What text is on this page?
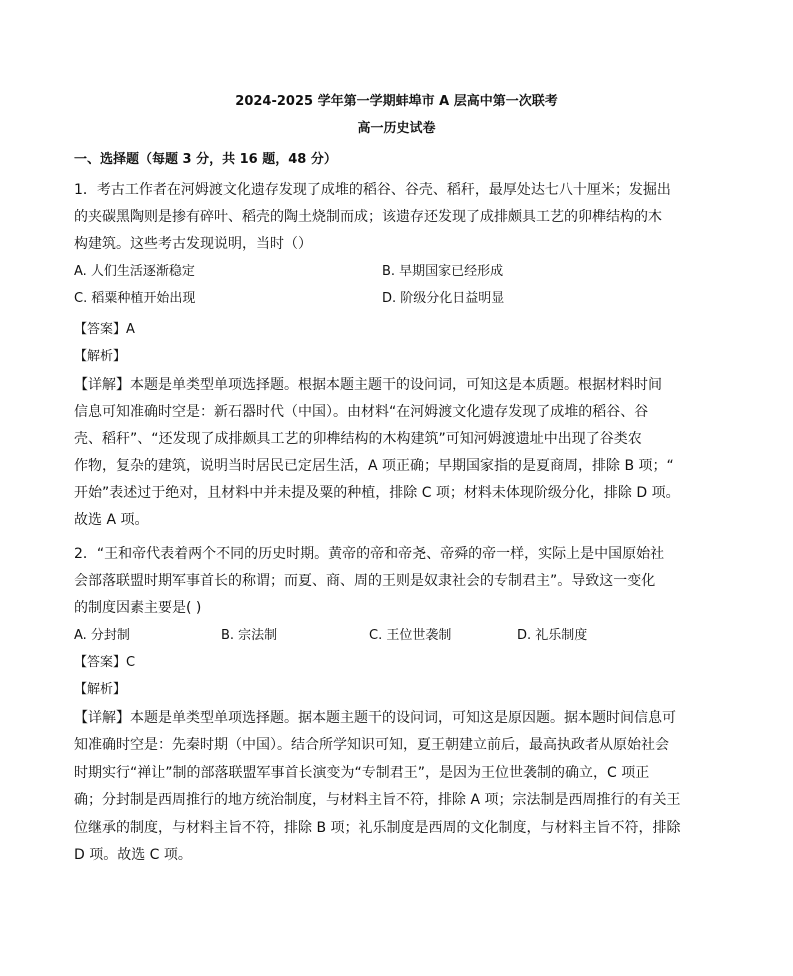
2024-2025 学年第一学期蚌埠市 A 层高中第一次联考
高一历史试卷
一、选择题（每题 3 分，共 16 题，48 分）
1．考古工作者在河姆渡文化遗存发现了成堆的稻谷、谷壳、稻秆，最厚处达七八十厘米；发掘出
的夹碳黑陶则是掺有碎叶、稻壳的陶土烧制而成；该遗存还发现了成排颇具工艺的卯榫结构的木
构建筑。这些考古发现说明，当时（）
A. 人们生活逐渐稳定	B. 早期国家已经形成
C. 稻粟种植开始出现	D. 阶级分化日益明显
【答案】A
【解析】
【详解】本题是单类型单项选择题。根据本题主题干的设问词，可知这是本质题。根据材料时间
信息可知准确时空是：新石器时代（中国）。由材料“在河姆渡文化遗存发现了成堆的稻谷、谷
壳、稻秆”、“还发现了成排颇具工艺的卯榫结构的木构建筑”可知河姆渡遗址中出现了谷类农
作物，复杂的建筑，说明当时居民已定居生活，A 项正确；早期国家指的是夏商周，排除 B 项；“
开始”表述过于绝对，且材料中并未提及粟的种植，排除 C 项；材料未体现阶级分化，排除 D 项。
故选 A 项。
2．“王和帝代表着两个不同的历史时期。黄帝的帝和帝尧、帝舜的帝一样，实际上是中国原始社
会部落联盟时期军事首长的称谓；而夏、商、周的王则是奴隶社会的专制君主”。导致这一变化
的制度因素主要是( )
A. 分封制	B. 宗法制	C. 王位世袭制	D. 礼乐制度
【答案】C
【解析】
【详解】本题是单类型单项选择题。据本题主题干的设问词，可知这是原因题。据本题时间信息可
知准确时空是：先秦时期（中国）。结合所学知识可知，夏王朝建立前后，最高执政者从原始社会
时期实行“禅让”制的部落联盟军事首长演变为“专制君王”，是因为王位世袭制的确立，C 项正
确；分封制是西周推行的地方统治制度，与材料主旨不符，排除 A 项；宗法制是西周推行的有关王
位继承的制度，与材料主旨不符，排除 B 项；礼乐制度是西周的文化制度，与材料主旨不符，排除
D 项。故选 C 项。
